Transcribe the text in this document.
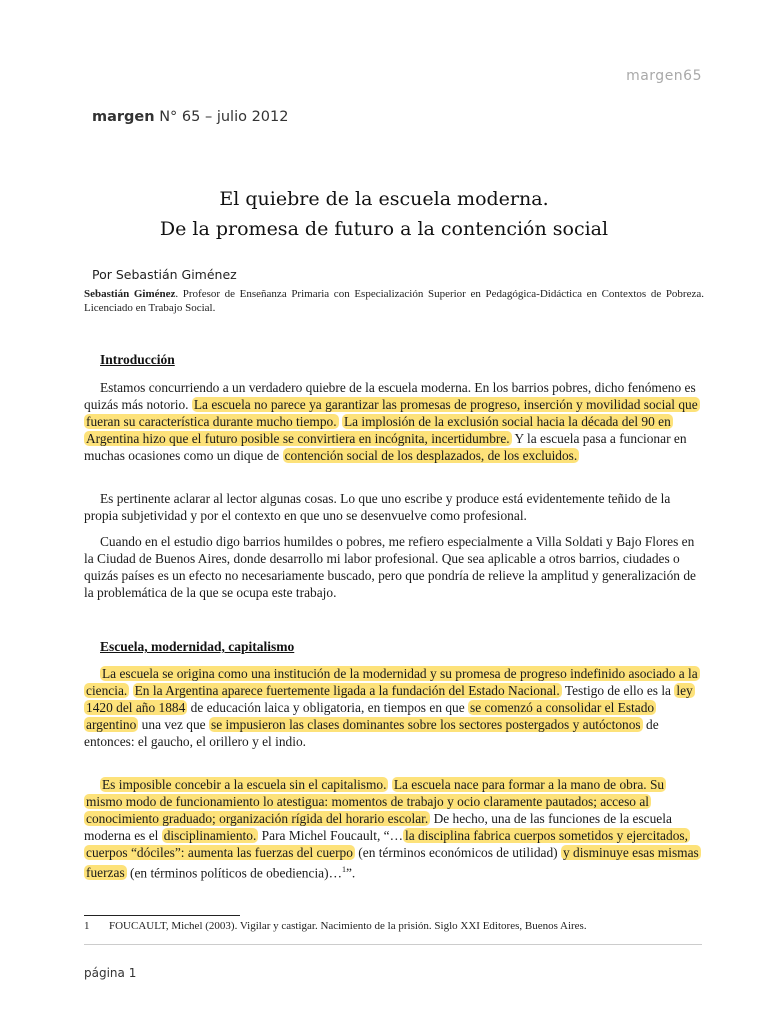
margen65
margen N° 65 – julio 2012
El quiebre de la escuela moderna.
De la promesa de futuro a la contención social
Por Sebastián Giménez
Sebastián Giménez. Profesor de Enseñanza Primaria con Especialización Superior en Pedagógica-Didáctica en Contextos de Pobreza. Licenciado en Trabajo Social.
Introducción
Estamos concurriendo a un verdadero quiebre de la escuela moderna. En los barrios pobres, dicho fenómeno es quizás más notorio. La escuela no parece ya garantizar las promesas de progreso, inserción y movilidad social que fueran su característica durante mucho tiempo. La implosión de la exclusión social hacia la década del 90 en Argentina hizo que el futuro posible se convirtiera en incógnita, incertidumbre. Y la escuela pasa a funcionar en muchas ocasiones como un dique de contención social de los desplazados, de los excluidos.
Es pertinente aclarar al lector algunas cosas. Lo que uno escribe y produce está evidentemente teñido de la propia subjetividad y por el contexto en que uno se desenvuelve como profesional.
Cuando en el estudio digo barrios humildes o pobres, me refiero especialmente a Villa Soldati y Bajo Flores en la Ciudad de Buenos Aires, donde desarrollo mi labor profesional. Que sea aplicable a otros barrios, ciudades o quizás países es un efecto no necesariamente buscado, pero que pondría de relieve la amplitud y generalización de la problemática de la que se ocupa este trabajo.
Escuela, modernidad, capitalismo
La escuela se origina como una institución de la modernidad y su promesa de progreso indefinido asociado a la ciencia. En la Argentina aparece fuertemente ligada a la fundación del Estado Nacional. Testigo de ello es la ley 1420 del año 1884 de educación laica y obligatoria, en tiempos en que se comenzó a consolidar el Estado argentino una vez que se impusieron las clases dominantes sobre los sectores postergados y autóctonos de entonces: el gaucho, el orillero y el indio.
Es imposible concebir a la escuela sin el capitalismo. La escuela nace para formar a la mano de obra. Su mismo modo de funcionamiento lo atestigua: momentos de trabajo y ocio claramente pautados; acceso al conocimiento graduado; organización rígida del horario escolar. De hecho, una de las funciones de la escuela moderna es el disciplinamiento. Para Michel Foucault, “… la disciplina fabrica cuerpos sometidos y ejercitados, cuerpos “dóciles”: aumenta las fuerzas del cuerpo (en términos económicos de utilidad) y disminuye esas mismas fuerzas (en términos políticos de obediencia)…$^1$”.
1 FOUCAULT, Michel (2003). Vigilar y castigar. Nacimiento de la prisión. Siglo XXI Editores, Buenos Aires.
página 1
